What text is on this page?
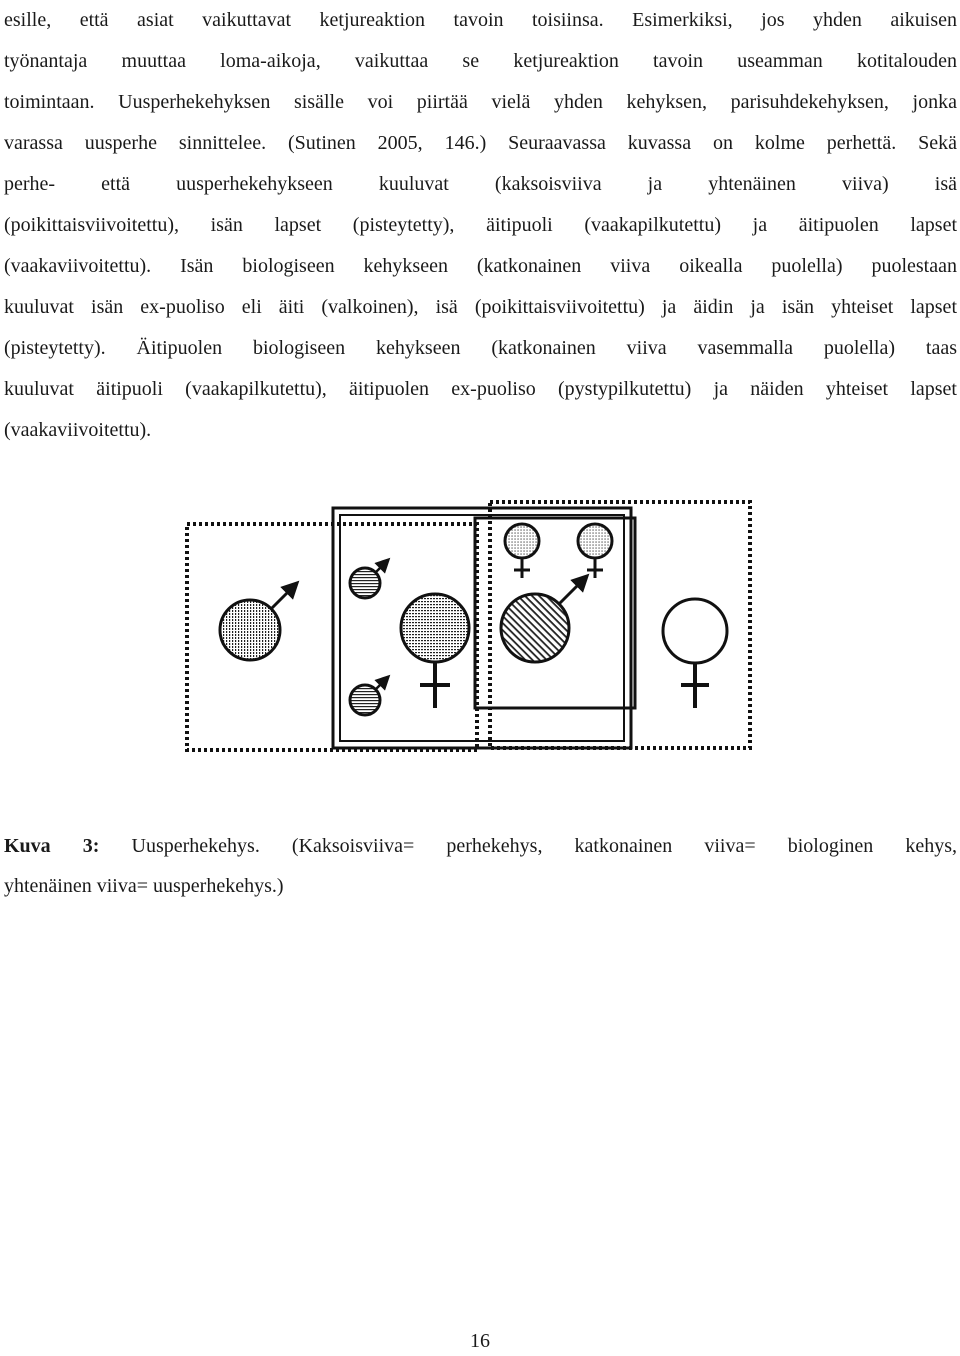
esille, että asiat vaikuttavat ketjureaktion tavoin toisiinsa. Esimerkiksi, jos yhden aikuisen
työnantaja muuttaa loma-aikoja, vaikuttaa se ketjureaktion tavoin useamman kotitalouden
toimintaan. Uusperhekehyksen sisälle voi piirtää vielä yhden kehyksen, parisuhdekehyksen, jonka
varassa uusperhe sinnittelee. (Sutinen 2005, 146.) Seuraavassa kuvassa on kolme perhettä. Sekä
perhe- että uusperhekehykseen kuuluvat (kaksoisviiva ja yhtenäinen viiva) isä
(poikittaisviivoitettu), isän lapset (pisteytetty), äitipuoli (vaakapilkutettu) ja äitipuolen lapset
(vaakaviivoitettu). Isän biologiseen kehykseen (katkonainen viiva oikealla puolella) puolestaan
kuuluvat isän ex-puoliso eli äiti (valkoinen), isä (poikittaisviivoitettu) ja äidin ja isän yhteiset lapset
(pisteytetty). Äitipuolen biologiseen kehykseen (katkonainen viiva vasemmalla puolella) taas
kuuluvat äitipuoli (vaakapilkutettu), äitipuolen ex-puoliso (pystypilkutettu) ja näiden yhteiset lapset
(vaakaviivoitettu).
Kuva 3: Uusperhekehys. (Kaksoisviiva= perhekehys, katkonainen viiva= biologinen kehys,
yhtenäinen viiva= uusperhekehys.)
16
